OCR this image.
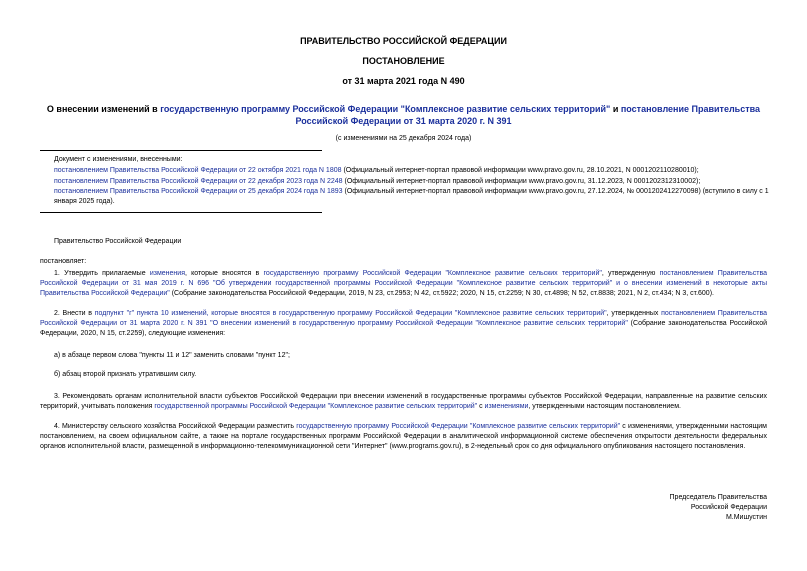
ПРАВИТЕЛЬСТВО РОССИЙСКОЙ ФЕДЕРАЦИИ
ПОСТАНОВЛЕНИЕ
от 31 марта 2021 года N 490
О внесении изменений в государственную программу Российской Федерации "Комплексное развитие сельских территорий" и постановление Правительства Российской Федерации от 31 марта 2020 г. N 391
(с изменениями на 25 декабря 2024 года)
Документ с изменениями, внесенными:
постановлением Правительства Российской Федерации от 22 октября 2021 года N 1808 (Официальный интернет-портал правовой информации www.pravo.gov.ru, 28.10.2021, N 0001202110280010);
постановлением Правительства Российской Федерации от 22 декабря 2023 года N 2248 (Официальный интернет-портал правовой информации www.pravo.gov.ru, 31.12.2023, N 0001202312310002);
постановлением Правительства Российской Федерации от 25 декабря 2024 года N 1893 (Официальный интернет-портал правовой информации www.pravo.gov.ru, 27.12.2024, № 0001202412270098) (вступило в силу с 1 января 2025 года).
Правительство Российской Федерации
постановляет:
1. Утвердить прилагаемые изменения, которые вносятся в государственную программу Российской Федерации "Комплексное развитие сельских территорий", утвержденную постановлением Правительства Российской Федерации от 31 мая 2019 г. N 696 "Об утверждении государственной программы Российской Федерации "Комплексное развитие сельских территорий" и о внесении изменений в некоторые акты Правительства Российской Федерации" (Собрание законодательства Российской Федерации, 2019, N 23, ст.2953; N 42, ст.5922; 2020, N 15, ст.2259; N 30, ст.4898; N 52, ст.8838; 2021, N 2, ст.434; N 3, ст.600).
2. Внести в подпункт "г" пункта 10 изменений, которые вносятся в государственную программу Российской Федерации "Комплексное развитие сельских территорий", утвержденных постановлением Правительства Российской Федерации от 31 марта 2020 г. N 391 "О внесении изменений в государственную программу Российской Федерации "Комплексное развитие сельских территорий" (Собрание законодательства Российской Федерации, 2020, N 15, ст.2259), следующие изменения:
а) в абзаце первом слова "пункты 11 и 12" заменить словами "пункт 12";
б) абзац второй признать утратившим силу.
3. Рекомендовать органам исполнительной власти субъектов Российской Федерации при внесении изменений в государственные программы субъектов Российской Федерации, направленные на развитие сельских территорий, учитывать положения государственной программы Российской Федерации "Комплексное развитие сельских территорий" с изменениями, утвержденными настоящим постановлением.
4. Министерству сельского хозяйства Российской Федерации разместить государственную программу Российской Федерации "Комплексное развитие сельских территорий" с изменениями, утвержденными настоящим постановлением, на своем официальном сайте, а также на портале государственных программ Российской Федерации в аналитической информационной системе обеспечения открытости деятельности федеральных органов исполнительной власти, размещенной в информационно-телекоммуникационной сети "Интернет" (www.programs.gov.ru), в 2-недельный срок со дня официального опубликования настоящего постановления.
Председатель Правительства
Российской Федерации
М.Мишустин
